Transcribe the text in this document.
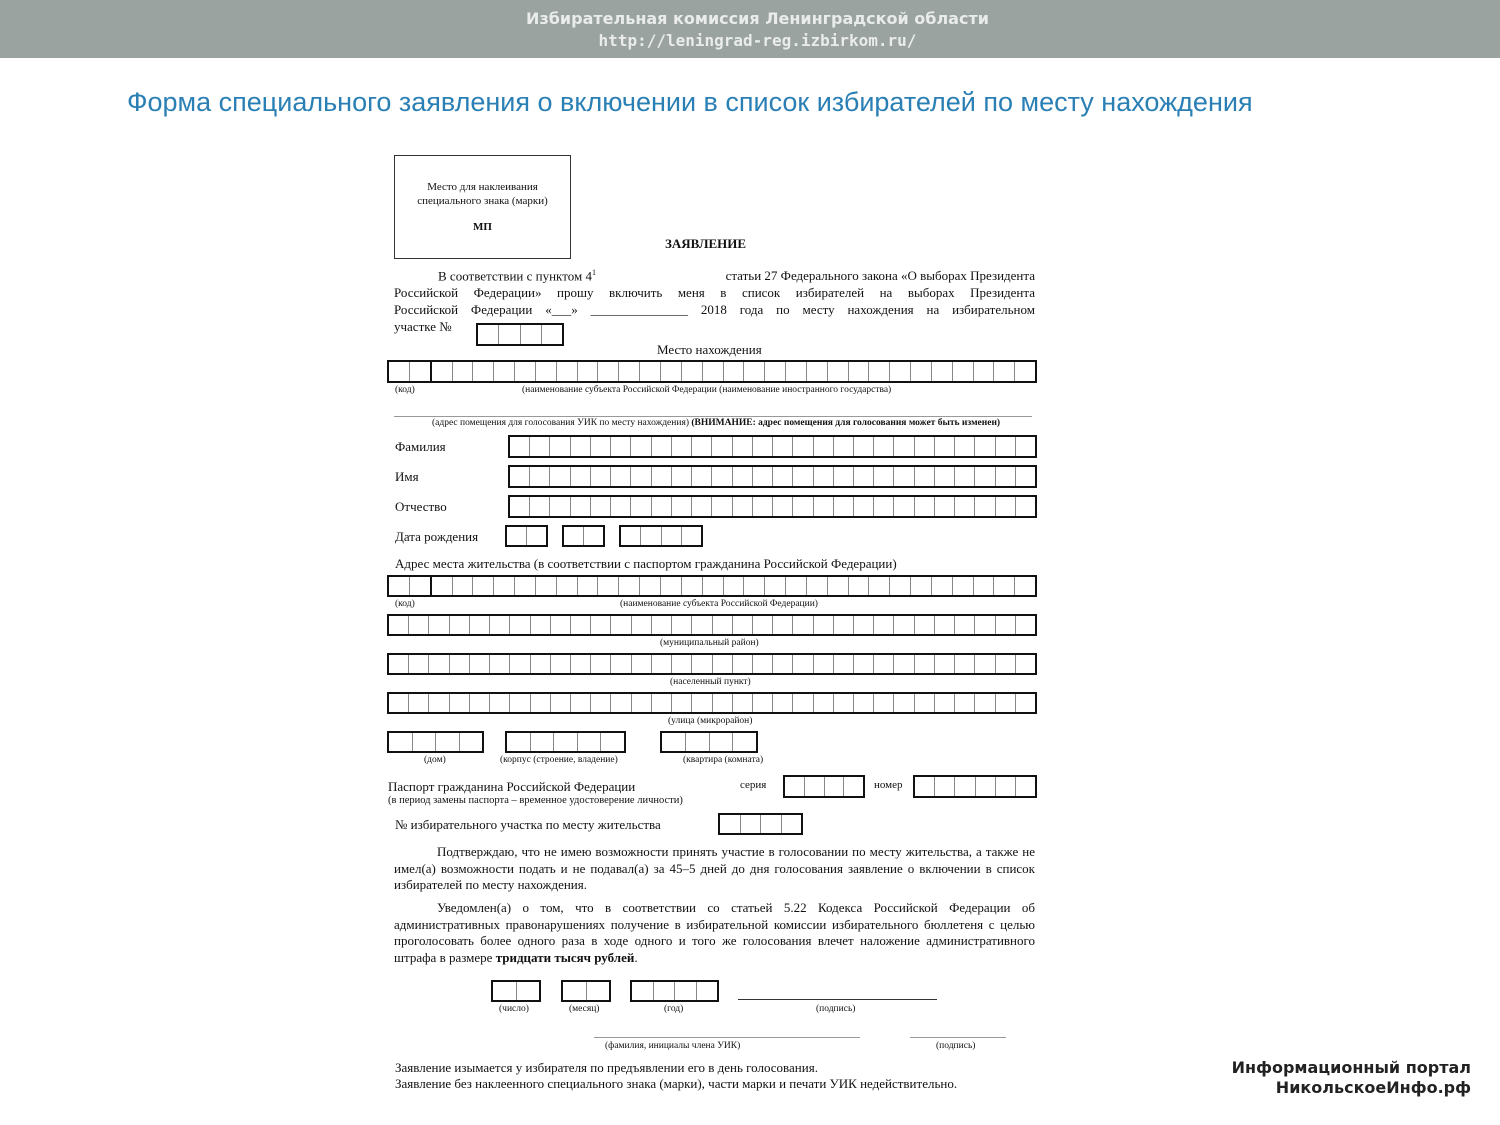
Избирательная комиссия Ленинградской области
http://leningrad-reg.izbirkom.ru/
Форма специального заявления о включении в список избирателей по месту нахождения
Место для наклеивания
специального знака (марки)
МП
ЗАЯВЛЕНИЕ
В соответствии с пунктом $4^1$	статьи 27 Федерального закона «О выборах Президента
Российской Федерации» прошу включить меня в список избирателей на выборах Президента
Российской Федерации «___» _______________ 2018 года по месту нахождения на избирательном
участке №
Место нахождения
(код)	(наименование субъекта Российской Федерации (наименование иностранного государства)
(адрес помещения для голосования УИК по месту нахождения) (ВНИМАНИЕ: адрес помещения для голосования может быть изменен)
Фамилия
Имя
Отчество
Дата рождения
Адрес места жительства (в соответствии с паспортом гражданина Российской Федерации)
(код)	(наименование субъекта Российской Федерации)
(муниципальный район)
(населенный пункт)
(улица (микрорайон)
(дом)	(корпус (строение, владение)	(квартира (комната)
Паспорт гражданина Российской Федерации
(в период замены паспорта – временное удостоверение личности)
серия	номер
№ избирательного участка по месту жительства
Подтверждаю, что не имею возможности принять участие в голосовании по месту жительства, а также не имел(а) возможности подать и не подавал(а) за 45–5 дней до дня голосования заявление о включении в список избирателей по месту нахождения.
Уведомлен(а) о том, что в соответствии со статьей 5.22 Кодекса Российской Федерации об административных правонарушениях получение в избирательной комиссии избирательного бюллетеня с целью проголосовать более одного раза в ходе одного и того же голосования влечет наложение административного штрафа в размере тридцати тысяч рублей.
(число)	(месяц)	(год)	(подпись)
(фамилия, инициалы члена УИК)	(подпись)
Заявление изымается у избирателя по предъявлении его в день голосования.
Заявление без наклеенного специального знака (марки), части марки и печати УИК недействительно.
Информационный портал
НикольскоеИнфо.рф
